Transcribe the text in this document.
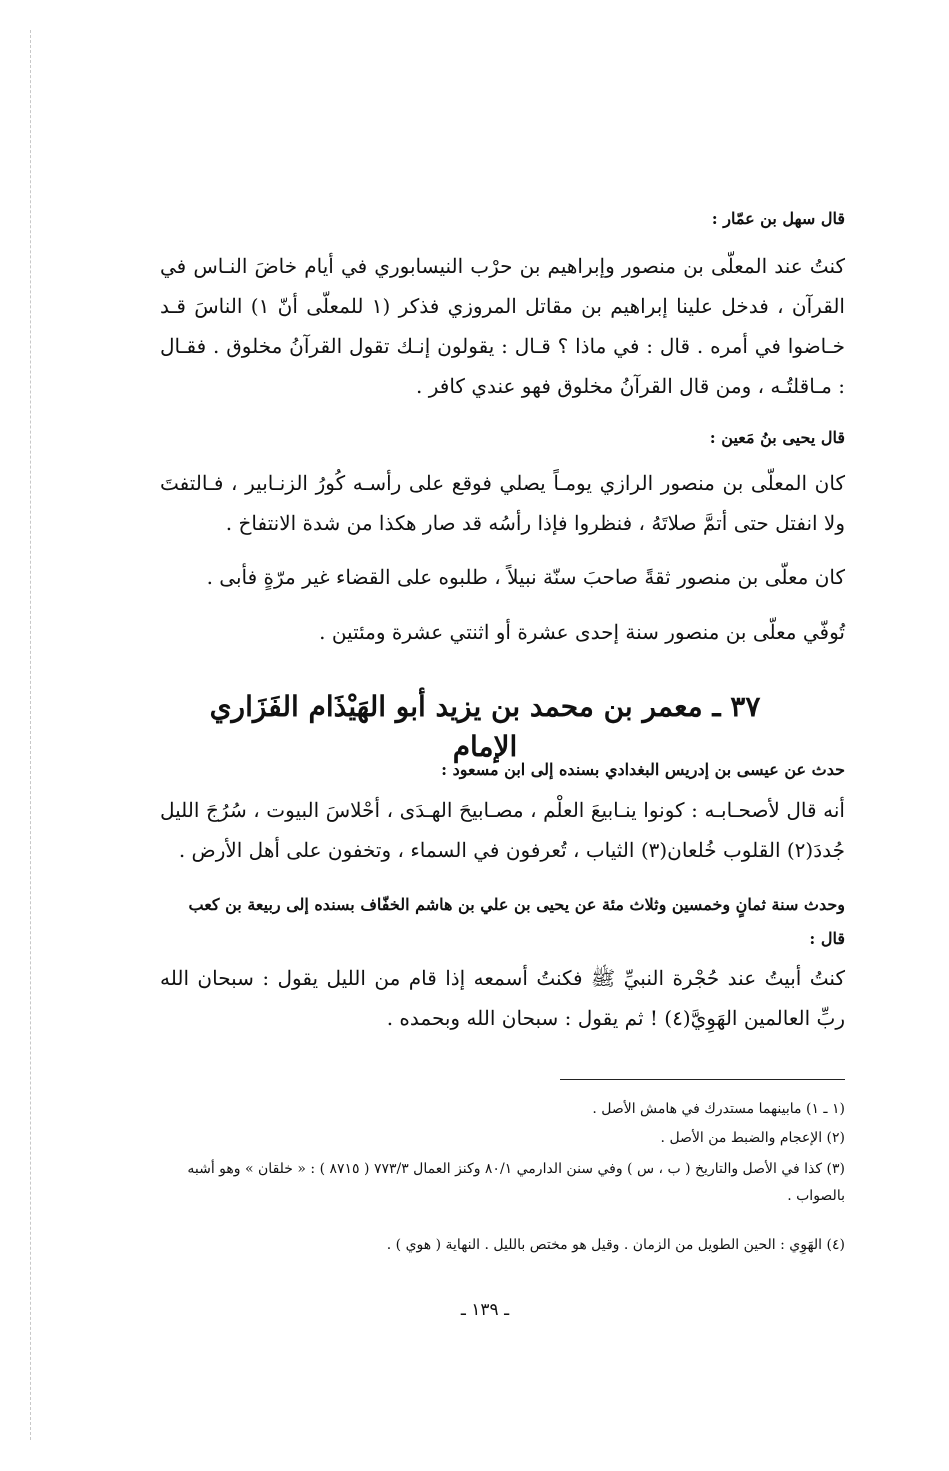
قال سهل بن عمّار :
كنتُ عند المعلّى بن منصور وإبراهيم بن حرْب النيسابوري في أيام خاضَ النـاس في القرآن ، فدخل علينا إبراهيم بن مقاتل المروزي فذكر (١ للمعلّى أنّ ١) الناسَ قـد خـاضوا في أمره . قال : في ماذا ؟ قـال : يقولون إنـك تقول القرآنُ مخلوق . فقـال : مـاقلتُـه ، ومن قال القرآنُ مخلوق فهو عندي كافر .
قال يحيى بنُ مَعين :
كان المعلّى بن منصور الرازي يومـاً يصلي فوقع على رأسـه كُورُ الزنـابير ، فـالتفتَ ولا انفتل حتى أتمَّ صلاتَهُ ، فنظروا فإذا رأسُه قد صار هكذا من شدة الانتفاخ .
كان معلّى بن منصور ثقةً صاحبَ سنّة نبيلاً ، طلبوه على القضاء غير مرّةٍ فأبى .
تُوفّي معلّى بن منصور سنة إحدى عشرة أو اثنتي عشرة ومئتين .
٣٧ ـ معمر بن محمد بن يزيد أبو الهَيْذَام الفَزَاري الإمام
حدث عن عيسى بن إدريس البغدادي بسنده إلى ابن مسعود :
أنه قال لأصحـابـه : كونوا ينـابيعَ العلْم ، مصـابيحَ الهـدَى ، أحْلاسَ البيوت ، سُرُجَ الليل جُددَ(٢) القلوب خُلعان(٣) الثياب ، تُعرفون في السماء ، وتخفون على أهل الأرض .
وحدث سنة ثمانٍ وخمسين وثلاث مئة عن يحيى بن علي بن هاشم الخفّاف بسنده إلى ربيعة بن كعب قال :
كنتُ أبيتُ عند حُجْرة النبيِّ ﷺ فكنتُ أسمعه إذا قام من الليل يقول : سبحان الله ربِّ العالمين الهَوِيَّ(٤) ! ثم يقول : سبحان الله وبحمده .
(١ ـ ١) مابينهما مستدرك في هامش الأصل .
(٢) الإعجام والضبط من الأصل .
(٣) كذا في الأصل والتاريخ ( ب ، س ) وفي سنن الدارمي ٨٠/١ وكنز العمال ٧٧٣/٣ ( ٨٧١٥ ) : « خلقان » وهو أشبه بالصواب .
(٤) الهَوِي : الحين الطويل من الزمان . وقيل هو مختص بالليل . النهاية ( هوي ) .
ـ ١٣٩ ـ
